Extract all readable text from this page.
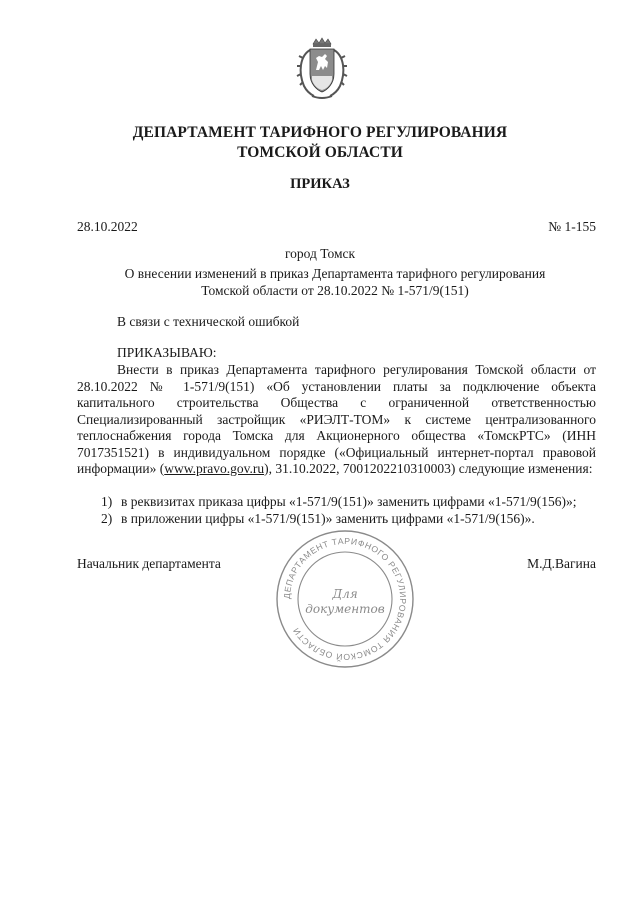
ДЕПАРТАМЕНТ ТАРИФНОГО РЕГУЛИРОВАНИЯ
ТОМСКОЙ ОБЛАСТИ
ПРИКАЗ
28.10.2022	№ 1-155
город Томск
О внесении изменений в приказ Департамента тарифного регулирования
Томской области от 28.10.2022 № 1-571/9(151)
В связи с технической ошибкой
ПРИКАЗЫВАЮ:
Внести в приказ Департамента тарифного регулирования Томской области от 28.10.2022 № 1-571/9(151) «Об установлении платы за подключение объекта капитального строительства Общества с ограниченной ответственностью Специализированный застройщик «РИЭЛТ-ТОМ» к системе централизованного теплоснабжения города Томска для Акционерного общества «ТомскРТС» (ИНН 7017351521) в индивидуальном порядке («Официальный интернет-портал правовой информации» (www.pravo.gov.ru), 31.10.2022, 7001202210310003) следующие изменения:
1) в реквизитах приказа цифры «1-571/9(151)» заменить цифрами «1-571/9(156)»;
2) в приложении цифры «1-571/9(151)» заменить цифрами «1-571/9(156)».
Начальник департамента	М.Д.Вагина
ДЕПАРТАМЕНТ ТАРИФНОГО РЕГУЛИРОВАНИЯ ТОМСКОЙ ОБЛАСТИ
Для
документов
